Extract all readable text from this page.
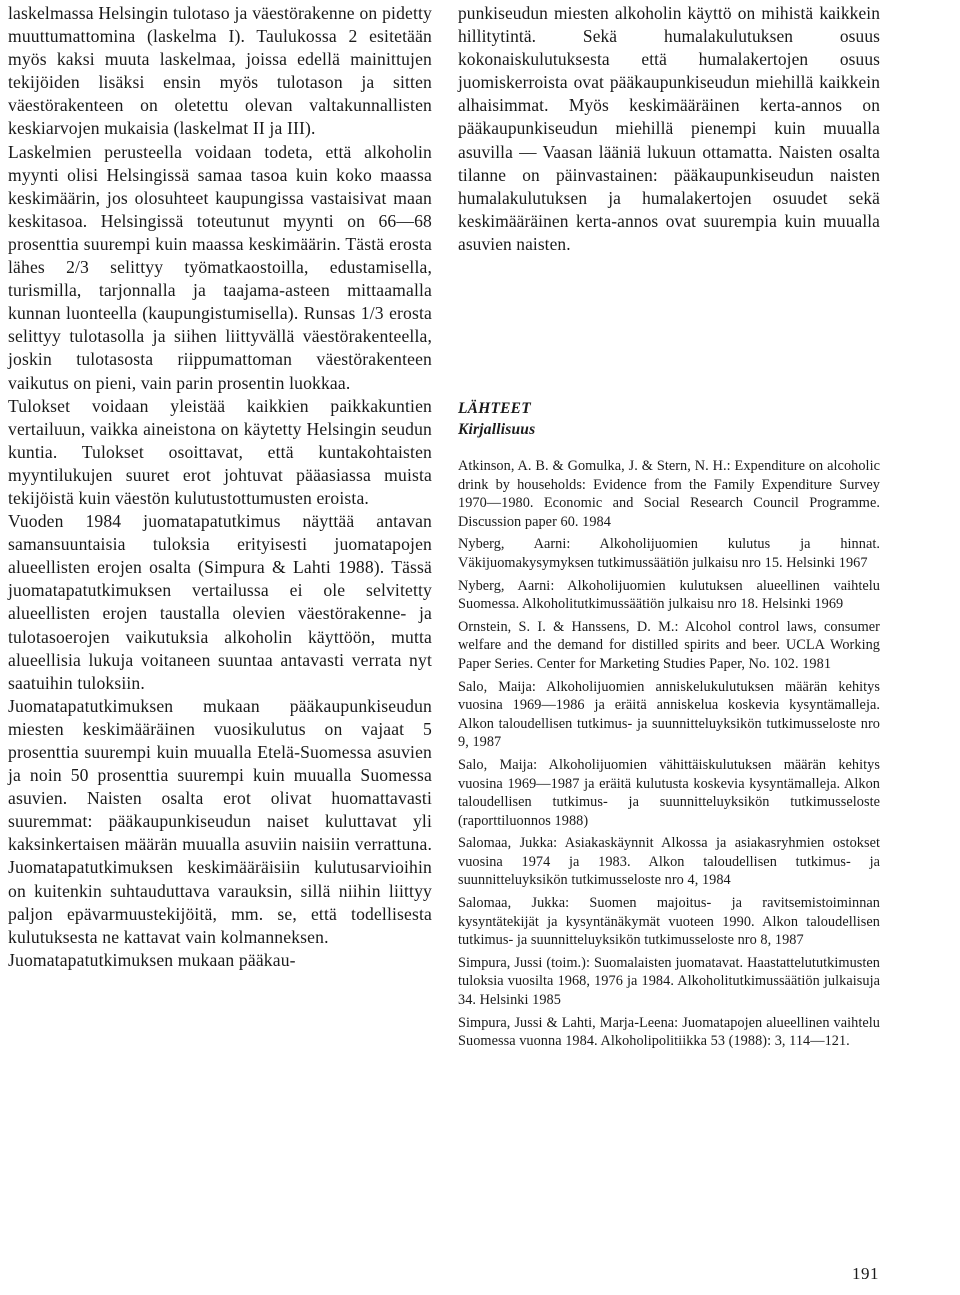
laskelmassa Helsingin tulotaso ja väestörakenne on pidetty muuttumattomina (laskelma I). Taulukossa 2 esitetään myös kaksi muuta laskelmaa, joissa edellä mainittujen tekijöiden lisäksi ensin myös tulotason ja sitten väestörakenteen on oletettu olevan valtakunnallisten keskiarvojen mukaisia (laskelmat II ja III).

Laskelmien perusteella voidaan todeta, että alkoholin myynti olisi Helsingissä samaa tasoa kuin koko maassa keskimäärin, jos olosuhteet kaupungissa vastaisivat maan keskitasoa. Helsingissä toteutunut myynti on 66—68 prosenttia suurempi kuin maassa keskimäärin. Tästä erosta lähes 2/3 selittyy työmatkaostoilla, edustamisella, turismilla, tarjonnalla ja taajama-asteen mittaamalla kunnan luonteella (kaupungistumisella). Runsas 1/3 erosta selittyy tulotasolla ja siihen liittyvällä väestörakenteella, joskin tulotasosta riippumattoman väestörakenteen vaikutus on pieni, vain parin prosentin luokkaa.

Tulokset voidaan yleistää kaikkien paikkakuntien vertailuun, vaikka aineistona on käytetty Helsingin seudun kuntia. Tulokset osoittavat, että kuntakohtaisten myyntilukujen suuret erot johtuvat pääasiassa muista tekijöistä kuin väestön kulutustottumusten eroista.

Vuoden 1984 juomatapatutkimus näyttää antavan samansuuntaisia tuloksia erityisesti juomatapojen alueellisten erojen osalta (Simpura & Lahti 1988). Tässä juomatapatutkimuksen vertailussa ei ole selvitetty alueellisten erojen taustalla olevien väestörakenne- ja tulotasoerojen vaikutuksia alkoholin käyttöön, mutta alueellisia lukuja voitaneen suuntaa antavasti verrata nyt saatuihin tuloksiin.

Juomatapatutkimuksen mukaan pääkaupunkiseudun miesten keskimääräinen vuosikulutus on vajaat 5 prosenttia suurempi kuin muualla Etelä-Suomessa asuvien ja noin 50 prosenttia suurempi kuin muualla Suomessa asuvien. Naisten osalta erot olivat huomattavasti suuremmat: pääkaupunkiseudun naiset kuluttavat yli kaksinkertaisen määrän muualla asuviin naisiin verrattuna. Juomatapatutkimuksen keskimääräisiin kulutusarvioihin on kuitenkin suhtauduttava varauksin, sillä niihin liittyy paljon epävarmuustekijöitä, mm. se, että todellisesta kulutuksesta ne kattavat vain kolmanneksen.

Juomatapatutkimuksen mukaan pääkau-

punkiseudun miesten alkoholin käyttö on mihistä kaikkein hillitytintä. Sekä humalakulutuksen osuus kokonaiskulutuksesta että humalakertojen osuus juomiskerroista ovat pääkaupunkiseudun miehillä kaikkein alhaisimmat. Myös keskimääräinen kerta-annos on pääkaupunkiseudun miehillä pienempi kuin muualla asuvilla — Vaasan lääniä lukuun ottamatta. Naisten osalta tilanne on päinvastainen: pääkaupunkiseudun naisten humalakulutuksen ja humalakertojen osuudet sekä keskimääräinen kerta-annos ovat suurempia kuin muualla asuvien naisten.

LÄHTEET
Kirjallisuus

Atkinson, A. B. & Gomulka, J. & Stern, N. H.: Expenditure on alcoholic drink by households: Evidence from the Family Expenditure Survey 1970—1980. Economic and Social Research Council Programme. Discussion paper 60. 1984

Nyberg, Aarni: Alkoholijuomien kulutus ja hinnat. Väkijuomakysymyksen tutkimussäätiön julkaisu nro 15. Helsinki 1967

Nyberg, Aarni: Alkoholijuomien kulutuksen alueellinen vaihtelu Suomessa. Alkoholitutkimussäätiön julkaisu nro 18. Helsinki 1969

Ornstein, S. I. & Hanssens, D. M.: Alcohol control laws, consumer welfare and the demand for distilled spirits and beer. UCLA Working Paper Series. Center for Marketing Studies Paper, No. 102. 1981

Salo, Maija: Alkoholijuomien anniskelukulutuksen määrän kehitys vuosina 1969—1986 ja eräitä anniskelua koskevia kysyntämalleja. Alkon taloudellisen tutkimus- ja suunnitteluyksikön tutkimusseloste nro 9, 1987

Salo, Maija: Alkoholijuomien vähittäiskulutuksen määrän kehitys vuosina 1969—1987 ja eräitä kulutusta koskevia kysyntämalleja. Alkon taloudellisen tutkimus- ja suunnitteluyksikön tutkimusseloste (raporttiluonnos 1988)

Salomaa, Jukka: Asiakaskäynnit Alkossa ja asiakasryhmien ostokset vuosina 1974 ja 1983. Alkon taloudellisen tutkimus- ja suunnitteluyksikön tutkimusseloste nro 4, 1984

Salomaa, Jukka: Suomen majoitus- ja ravitsemistoiminnan kysyntätekijät ja kysyntänäkymät vuoteen 1990. Alkon taloudellisen tutkimus- ja suunnitteluyksikön tutkimusseloste nro 8, 1987

Simpura, Jussi (toim.): Suomalaisten juomatavat. Haastattelututkimusten tuloksia vuosilta 1968, 1976 ja 1984. Alkoholitutkimussäätiön julkaisuja 34. Helsinki 1985

Simpura, Jussi & Lahti, Marja-Leena: Juomatapojen alueellinen vaihtelu Suomessa vuonna 1984. Alkoholipolitiikka 53 (1988): 3, 114—121.

191
